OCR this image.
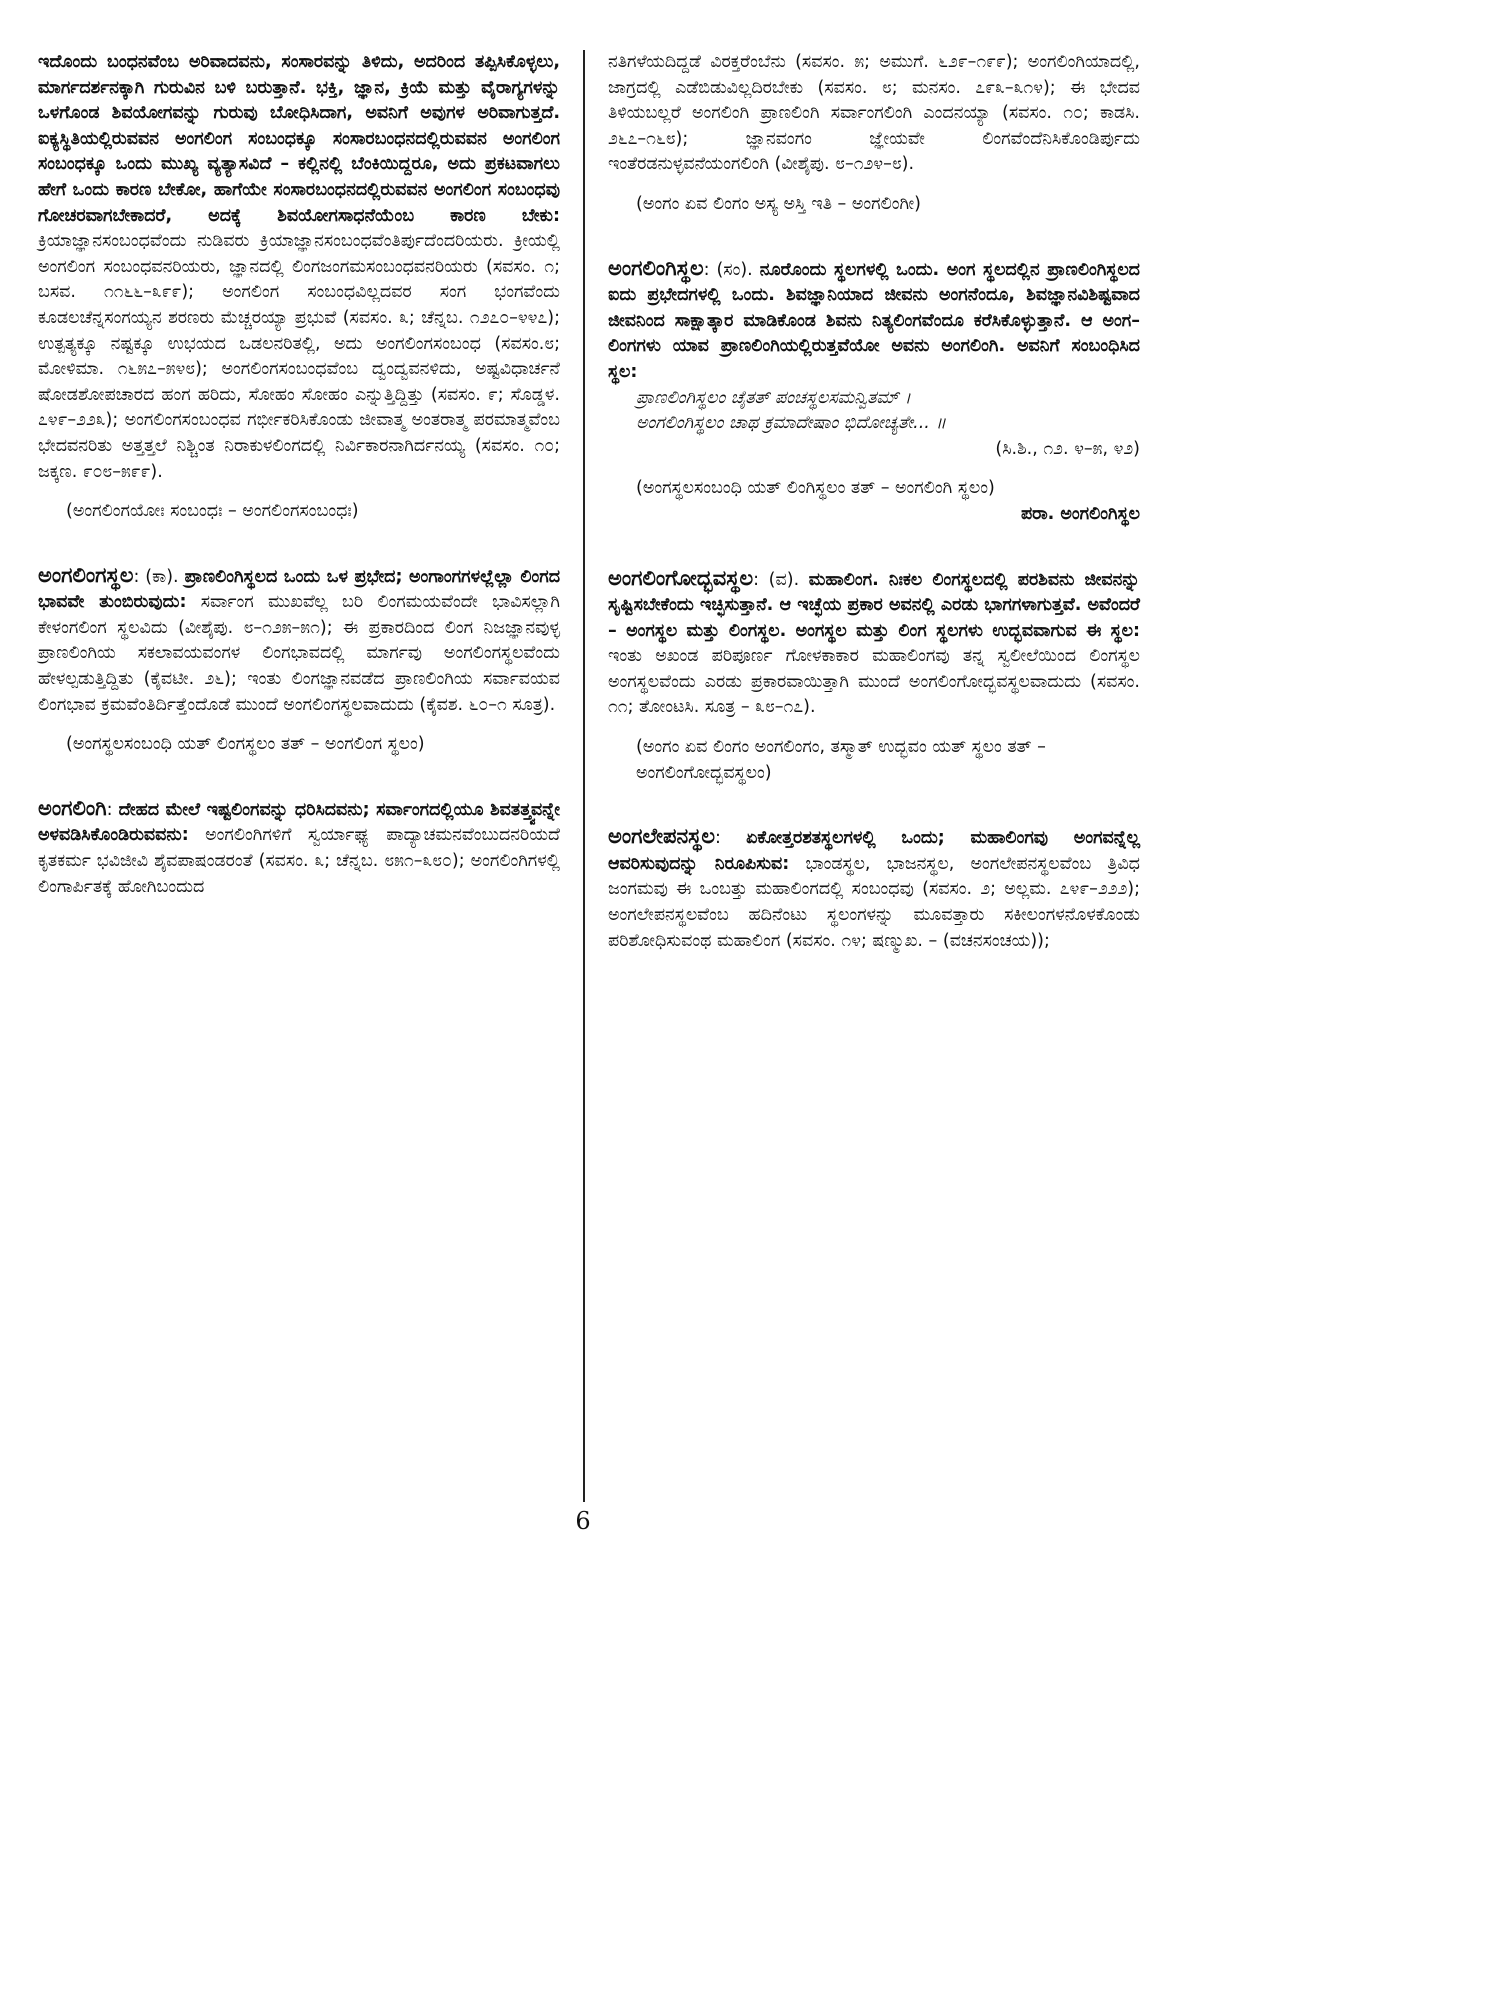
ಇದೊಂದು ಬಂಧನವೆಂಬ ಅರಿವಾದವನು, ಸಂಸಾರವನ್ನು ತಿಳಿದು, ಅದರಿಂದ ತಪ್ಪಿಸಿಕೊಳ್ಳಲು, ಮಾರ್ಗದರ್ಶನಕ್ಕಾಗಿ ಗುರುವಿನ ಬಳಿ ಬರುತ್ತಾನೆ. ಭಕ್ತಿ, ಜ್ಞಾನ, ಕ್ರಿಯೆ ಮತ್ತು ವೈರಾಗ್ಯಗಳನ್ನು ಒಳಗೊಂಡ ಶಿವಯೋಗವನ್ನು ಗುರುವು ಬೋಧಿಸಿದಾಗ, ಅವನಿಗೆ ಅವುಗಳ ಅರಿವಾಗುತ್ತದೆ. ಐಕ್ಯಸ್ಥಿತಿಯಲ್ಲಿರುವವನ ಅಂಗಲಿಂಗ ಸಂಬಂಧಕ್ಕೂ ಸಂಸಾರಬಂಧನದಲ್ಲಿರುವವನ ಅಂಗಲಿಂಗ ಸಂಬಂಧಕ್ಕೂ ಒಂದು ಮುಖ್ಯ ವ್ಯತ್ಯಾಸವಿದೆ – ಕಲ್ಲಿನಲ್ಲಿ ಬೆಂಕಿಯಿದ್ದರೂ, ಅದು ಪ್ರಕಟವಾಗಲು ಹೇಗೆ ಒಂದು ಕಾರಣ ಬೇಕೋ, ಹಾಗೆಯೇ ಸಂಸಾರಬಂಧನದಲ್ಲಿರುವವನ ಅಂಗಲಿಂಗ ಸಂಬಂಧವು ಗೋಚರವಾಗಬೇಕಾದರೆ, ಅದಕ್ಕೆ ಶಿವಯೋಗಸಾಧನೆಯೆಂಬ ಕಾರಣ ಬೇಕು: ಕ್ರಿಯಾಜ್ಞಾನಸಂಬಂಧವೆಂದು ನುಡಿವರು ಕ್ರಿಯಾಜ್ಞಾನಸಂಬಂಧವೆಂತಿರ್ಪುದೆಂದರಿಯರು. ಕ್ರೀಯಲ್ಲಿ ಅಂಗಲಿಂಗ ಸಂಬಂಧವನರಿಯರು, ಜ್ಞಾನದಲ್ಲಿ ಲಿಂಗಜಂಗಮಸಂಬಂಧವನರಿಯರು (ಸವಸಂ. ೧; ಬಸವ. ೧೧೬೬–೩೯೯); ಅಂಗಲಿಂಗ ಸಂಬಂಧವಿಲ್ಲದವರ ಸಂಗ ಭಂಗವೆಂದು ಕೂಡಲಚೆನ್ನಸಂಗಯ್ಯನ ಶರಣರು ಮೆಚ್ಚರಯ್ಯಾ ಪ್ರಭುವೆ (ಸವಸಂ. ೩; ಚೆನ್ನಬ. ೧೨೭೦–೪೪೭); ಉತ್ಪತ್ಯಕ್ಕೂ ನಷ್ಟಕ್ಕೂ ಉಭಯದ ಒಡಲನರಿತಲ್ಲಿ, ಅದು ಅಂಗಲಿಂಗಸಂಬಂಧ (ಸವಸಂ.೮; ಮೋಳಿಮಾ. ೧೬೫೭–೫೪೮); ಅಂಗಲಿಂಗಸಂಬಂಧವೆಂಬ ದ್ವಂದ್ವವನಳಿದು, ಅಷ್ಟವಿಧಾರ್ಚನೆ ಷೋಡಶೋಪಚಾರದ ಹಂಗ ಹರಿದು, ಸೋಹಂ ಸೋಹಂ ಎನ್ನುತ್ತಿದ್ದಿತ್ತು (ಸವಸಂ. ೯; ಸೊಡ್ಡಳ. ೭೪೯–೨೨೩); ಅಂಗಲಿಂಗಸಂಬಂಧವ ಗರ್ಭೀಕರಿಸಿಕೊಂಡು ಜೀವಾತ್ಮ ಅಂತರಾತ್ಮ ಪರಮಾತ್ಮವೆಂಬ ಭೇದವನರಿತು ಅತ್ತತ್ತಲೆ ನಿಶ್ಚಿಂತ ನಿರಾಕುಳಲಿಂಗದಲ್ಲಿ ನಿರ್ವಿಕಾರನಾಗಿರ್ದನಯ್ಯ (ಸವಸಂ. ೧೦; ಜಕ್ಕಣ. ೯೦೮–೫೯೯).

(ಅಂಗಲಿಂಗಯೋಃ ಸಂಬಂಧಃ – ಅಂಗಲಿಂಗಸಂಬಂಧಃ)

ಅಂಗಲಿಂಗಸ್ಥಲ: (ಕಾ). ಪ್ರಾಣಲಿಂಗಿಸ್ಥಲದ ಒಂದು ಒಳ ಪ್ರಭೇದ; ಅಂಗಾಂಗಗಳಲ್ಲೆಲ್ಲಾ ಲಿಂಗದ ಭಾವವೇ ತುಂಬಿರುವುದು: ಸರ್ವಾಂಗ ಮುಖವೆಲ್ಲ ಬರಿ ಲಿಂಗಮಯವೆಂದೇ ಭಾವಿಸಲ್ಲಾಗಿ ಕೇಳಂಗಲಿಂಗ ಸ್ಥಲವಿದು (ವೀಶೈಪು. ೮–೧೨೫–೫೧); ಈ ಪ್ರಕಾರದಿಂದ ಲಿಂಗ ನಿಜಜ್ಞಾನವುಳ್ಳ ಪ್ರಾಣಲಿಂಗಿಯ ಸಕಲಾವಯವಂಗಳ ಲಿಂಗಭಾವದಲ್ಲಿ ಮಾರ್ಗವು ಅಂಗಲಿಂಗಸ್ಥಲವೆಂದು ಹೇಳಲ್ಪಡುತ್ತಿದ್ದಿತು (ಕೈವಟೀ. ೨೬); ಇಂತು ಲಿಂಗಜ್ಞಾನವಡೆದ ಪ್ರಾಣಲಿಂಗಿಯ ಸರ್ವಾವಯವ ಲಿಂಗಭಾವ ಕ್ರಮವೆಂತಿರ್ದಿತ್ತೆಂದೊಡೆ ಮುಂದೆ ಅಂಗಲಿಂಗಸ್ಥಲವಾದುದು (ಕೈವಶ. ೬೦–೧ ಸೂತ್ರ).

(ಅಂಗಸ್ಥಲಸಂಬಂಧಿ ಯತ್ ಲಿಂಗಸ್ಥಲಂ ತತ್ – ಅಂಗಲಿಂಗ ಸ್ಥಲಂ)

ಅಂಗಲಿಂಗಿ: ದೇಹದ ಮೇಲೆ ಇಷ್ಟಲಿಂಗವನ್ನು ಧರಿಸಿದವನು; ಸರ್ವಾಂಗದಲ್ಲಿಯೂ ಶಿವತತ್ತ್ವವನ್ನೇ ಅಳವಡಿಸಿಕೊಂಡಿರುವವನು: ಅಂಗಲಿಂಗಿಗಳಿಗೆ ಸ್ವರ್ಯಾಘ್ಯ ಪಾದ್ಯಾಚಮನವೆಂಬುದನರಿಯದೆ ಕೃತಕರ್ಮ ಭವಿಜೀವಿ ಶೈವಪಾಷಂಡರಂತೆ (ಸವಸಂ. ೩; ಚೆನ್ನಬ. ೮೫೧–೩೮೦); ಅಂಗಲಿಂಗಿಗಳಲ್ಲಿ ಲಿಂಗಾರ್ಪಿತಕ್ಕೆ ಹೋಗಿಬಂದುದ

ನತಿಗಳೆಯದಿದ್ದಡೆ ವಿರಕ್ತರೆಂಬೆನು (ಸವಸಂ. ೫; ಅಮುಗೆ. ೬೨೯–೧೯೯); ಅಂಗಲಿಂಗಿಯಾದಲ್ಲಿ, ಜಾಗ್ರದಲ್ಲಿ ಎಡೆಬಿಡುವಿಲ್ಲದಿರಬೇಕು (ಸವಸಂ. ೮; ಮನಸಂ. ೭೯೩–೩೧೪); ಈ ಭೇದವ ತಿಳಿಯಬಲ್ಲರೆ ಅಂಗಲಿಂಗಿ ಪ್ರಾಣಲಿಂಗಿ ಸರ್ವಾಂಗಲಿಂಗಿ ಎಂದನಯ್ಯಾ (ಸವಸಂ. ೧೦; ಕಾಡಸಿ. ೨೬೭–೧೬೮); ಜ್ಞಾನವಂಗಂ ಜ್ಞೇಯವೇ ಲಿಂಗವೆಂದೆನಿಸಿಕೊಂಡಿರ್ಪುದು ಇಂತೆರಡನುಳ್ಳವನೆಯಂಗಲಿಂಗಿ (ವೀಶೈಪು. ೮–೧೨೪–೮).

(ಅಂಗಂ ಏವ ಲಿಂಗಂ ಅಸ್ಯ ಅಸ್ತಿ ಇತಿ – ಅಂಗಲಿಂಗೀ)

ಅಂಗಲಿಂಗಿಸ್ಥಲ: (ಸಂ). ನೂರೊಂದು ಸ್ಥಲಗಳಲ್ಲಿ ಒಂದು. ಅಂಗ ಸ್ಥಲದಲ್ಲಿನ ಪ್ರಾಣಲಿಂಗಿಸ್ಥಲದ ಐದು ಪ್ರಭೇದಗಳಲ್ಲಿ ಒಂದು. ಶಿವಜ್ಞಾನಿಯಾದ ಜೀವನು ಅಂಗನೆಂದೂ, ಶಿವಜ್ಞಾನವಿಶಿಷ್ಟವಾದ ಜೀವನಿಂದ ಸಾಕ್ಷಾತ್ಕಾರ ಮಾಡಿಕೊಂಡ ಶಿವನು ನಿತ್ಯಲಿಂಗವೆಂದೂ ಕರೆಸಿಕೊಳ್ಳುತ್ತಾನೆ. ಆ ಅಂಗ–ಲಿಂಗಗಳು ಯಾವ ಪ್ರಾಣಲಿಂಗಿಯಲ್ಲಿರುತ್ತವೆಯೋ ಅವನು ಅಂಗಲಿಂಗಿ. ಅವನಿಗೆ ಸಂಬಂಧಿಸಿದ ಸ್ಥಲ:

ಪ್ರಾಣಲಿಂಗಿಸ್ಥಲಂ ಚೈತತ್ ಪಂಚಸ್ಥಲಸಮನ್ವಿತಮ್ ।

ಅಂಗಲಿಂಗಿಸ್ಥಲಂ ಚಾಥ ಕ್ರಮಾದೇಷಾಂ ಭಿದೋಚ್ಯತೇ... ॥

(ಸಿ.ಶಿ., ೧೨. ೪–೫, ೪೨)

(ಅಂಗಸ್ಥಲಸಂಬಂಧಿ ಯತ್ ಲಿಂಗಿಸ್ಥಲಂ ತತ್ – ಅಂಗಲಿಂಗಿ ಸ್ಥಲಂ)

ಪರಾ. ಅಂಗಲಿಂಗಿಸ್ಥಲ

ಅಂಗಲಿಂಗೋದ್ಭವಸ್ಥಲ: (ವ). ಮಹಾಲಿಂಗ. ನಿಃಕಲ ಲಿಂಗಸ್ಥಲದಲ್ಲಿ ಪರಶಿವನು ಜೀವನನ್ನು ಸೃಷ್ಟಿಸಬೇಕೆಂದು ಇಚ್ಛಿಸುತ್ತಾನೆ. ಆ ಇಚ್ಛೆಯ ಪ್ರಕಾರ ಅವನಲ್ಲಿ ಎರಡು ಭಾಗಗಳಾಗುತ್ತವೆ. ಅವೆಂದರೆ – ಅಂಗಸ್ಥಲ ಮತ್ತು ಲಿಂಗಸ್ಥಲ. ಅಂಗಸ್ಥಲ ಮತ್ತು ಲಿಂಗ ಸ್ಥಲಗಳು ಉದ್ಭವವಾಗುವ ಈ ಸ್ಥಲ: ಇಂತು ಅಖಂಡ ಪರಿಪೂರ್ಣ ಗೋಳಕಾಕಾರ ಮಹಾಲಿಂಗವು ತನ್ನ ಸ್ವಲೀಲೆಯಿಂದ ಲಿಂಗಸ್ಥಲ ಅಂಗಸ್ಥಲವೆಂದು ಎರಡು ಪ್ರಕಾರವಾಯಿತ್ತಾಗಿ ಮುಂದೆ ಅಂಗಲಿಂಗೋದ್ಭವಸ್ಥಲವಾದುದು (ಸವಸಂ. ೧೧; ತೋಂಟಸಿ. ಸೂತ್ರ – ೩೮–೧೭).

(ಅಂಗಂ ಏವ ಲಿಂಗಂ ಅಂಗಲಿಂಗಂ, ತಸ್ಮಾತ್ ಉದ್ಭವಂ ಯತ್ ಸ್ಥಲಂ ತತ್ – ಅಂಗಲಿಂಗೋದ್ಭವಸ್ಥಲಂ)

ಅಂಗಲೇಪನಸ್ಥಲ: ಏಕೋತ್ತರಶತಸ್ಥಲಗಳಲ್ಲಿ ಒಂದು; ಮಹಾಲಿಂಗವು ಅಂಗವನ್ನೆಲ್ಲ ಆವರಿಸುವುದನ್ನು ನಿರೂಪಿಸುವ: ಭಾಂಡಸ್ಥಲ, ಭಾಜನಸ್ಥಲ, ಅಂಗಲೇಪನಸ್ಥಲವೆಂಬ ತ್ರಿವಿಧ ಜಂಗಮವು ಈ ಒಂಬತ್ತು ಮಹಾಲಿಂಗದಲ್ಲಿ ಸಂಬಂಧವು (ಸವಸಂ. ೨; ಅಲ್ಲಮ. ೭೪೯–೨೨೨); ಅಂಗಲೇಪನಸ್ಥಲವೆಂಬ ಹದಿನೆಂಟು ಸ್ಥಲಂಗಳನ್ನು ಮೂವತ್ತಾರು ಸಕೀಲಂಗಳನೊಳಕೊಂಡು ಪರಿಶೋಧಿಸುವಂಥ ಮಹಾಲಿಂಗ (ಸವಸಂ. ೧೪; ಷಣ್ಮುಖ. – (ವಚನಸಂಚಯ));

6
